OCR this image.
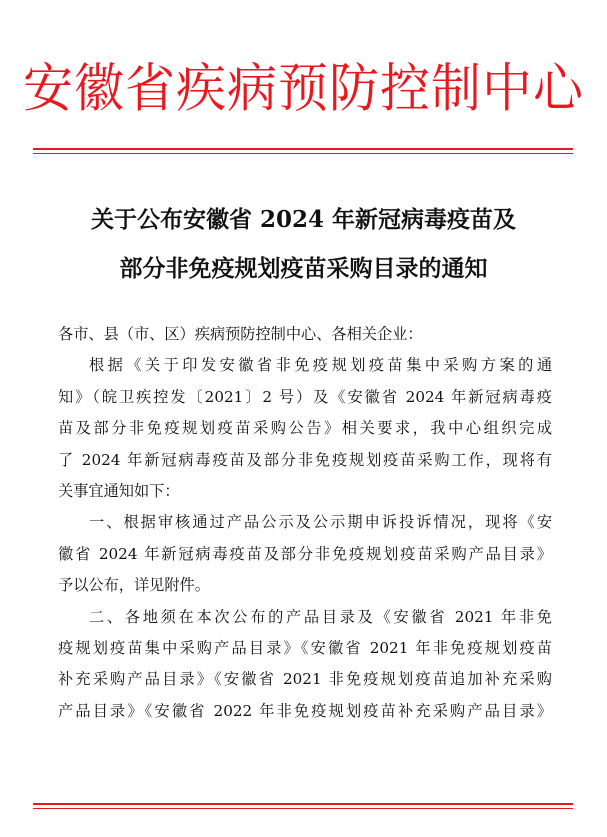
安徽省疾病预防控制中心
关于公布安徽省 2024 年新冠病毒疫苗及
部分非免疫规划疫苗采购目录的通知

各市、县（市、区）疾病预防控制中心、各相关企业：

根据《关于印发安徽省非免疫规划疫苗集中采购方案的通

知》（皖卫疾控发〔2021〕2 号）及《安徽省 2024 年新冠病毒疫

苗及部分非免疫规划疫苗采购公告》相关要求，我中心组织完成

了 2024 年新冠病毒疫苗及部分非免疫规划疫苗采购工作，现将有

关事宜通知如下：

一、根据审核通过产品公示及公示期申诉投诉情况，现将《安

徽省 2024 年新冠病毒疫苗及部分非免疫规划疫苗采购产品目录》

予以公布，详见附件。

二、各地须在本次公布的产品目录及《安徽省 2021 年非免

疫规划疫苗集中采购产品目录》《安徽省 2021 年非免疫规划疫苗

补充采购产品目录》《安徽省 2021 非免疫规划疫苗追加补充采购

产品目录》《安徽省 2022 年非免疫规划疫苗补充采购产品目录》
